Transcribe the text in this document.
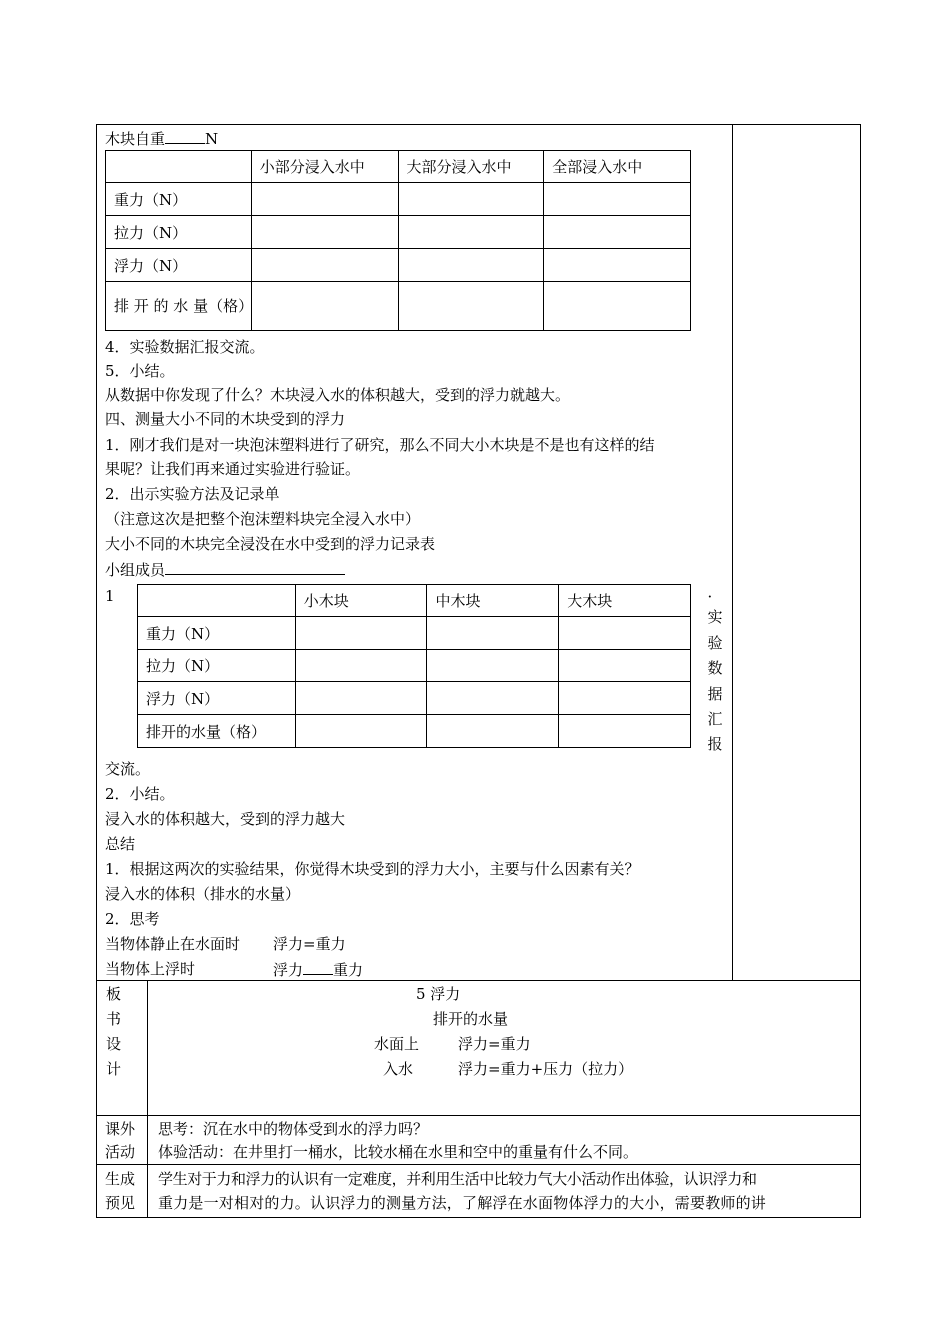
木块自重	N
	小部分浸入水中	大部分浸入水中	全部浸入水中
重力（N）			
拉力（N）			
浮力（N）			
排 开 的 水 量（格）			
4．实验数据汇报交流。
5．小结。
从数据中你发现了什么？木块浸入水的体积越大，受到的浮力就越大。
四、测量大小不同的木块受到的浮力
1．刚才我们是对一块泡沫塑料进行了研究，那么不同大小木块是不是也有这样的结
果呢？让我们再来通过实验进行验证。
2．出示实验方法及记录单
（注意这次是把整个泡沫塑料块完全浸入水中）
大小不同的木块完全浸没在水中受到的浮力记录表
小组成员
1
		小木块	中木块	大木块
重力（N）			
拉力（N）			
浮力（N）			
排开的水量（格）			
．
实
验
数
据
汇
报
交流。
2．小结。
浸入水的体积越大，受到的浮力越大
总结
1．根据这两次的实验结果，你觉得木块受到的浮力大小，主要与什么因素有关？
浸入水的体积（排水的水量）
2．思考
当物体静止在水面时 浮力=重力
当物体上浮时	浮力 重力
板
书
设
计
5 浮力
排开的水量
水面上	浮力=重力
入水	浮力=重力+压力（拉力）
课外
活动
思考：沉在水中的物体受到水的浮力吗？
体验活动：在井里打一桶水，比较水桶在水里和空中的重量有什么不同。
生成
预见
学生对于力和浮力的认识有一定难度，并利用生活中比较力气大小活动作出体验，认识浮力和
重力是一对相对的力。认识浮力的测量方法，了解浮在水面物体浮力的大小，需要教师的讲
